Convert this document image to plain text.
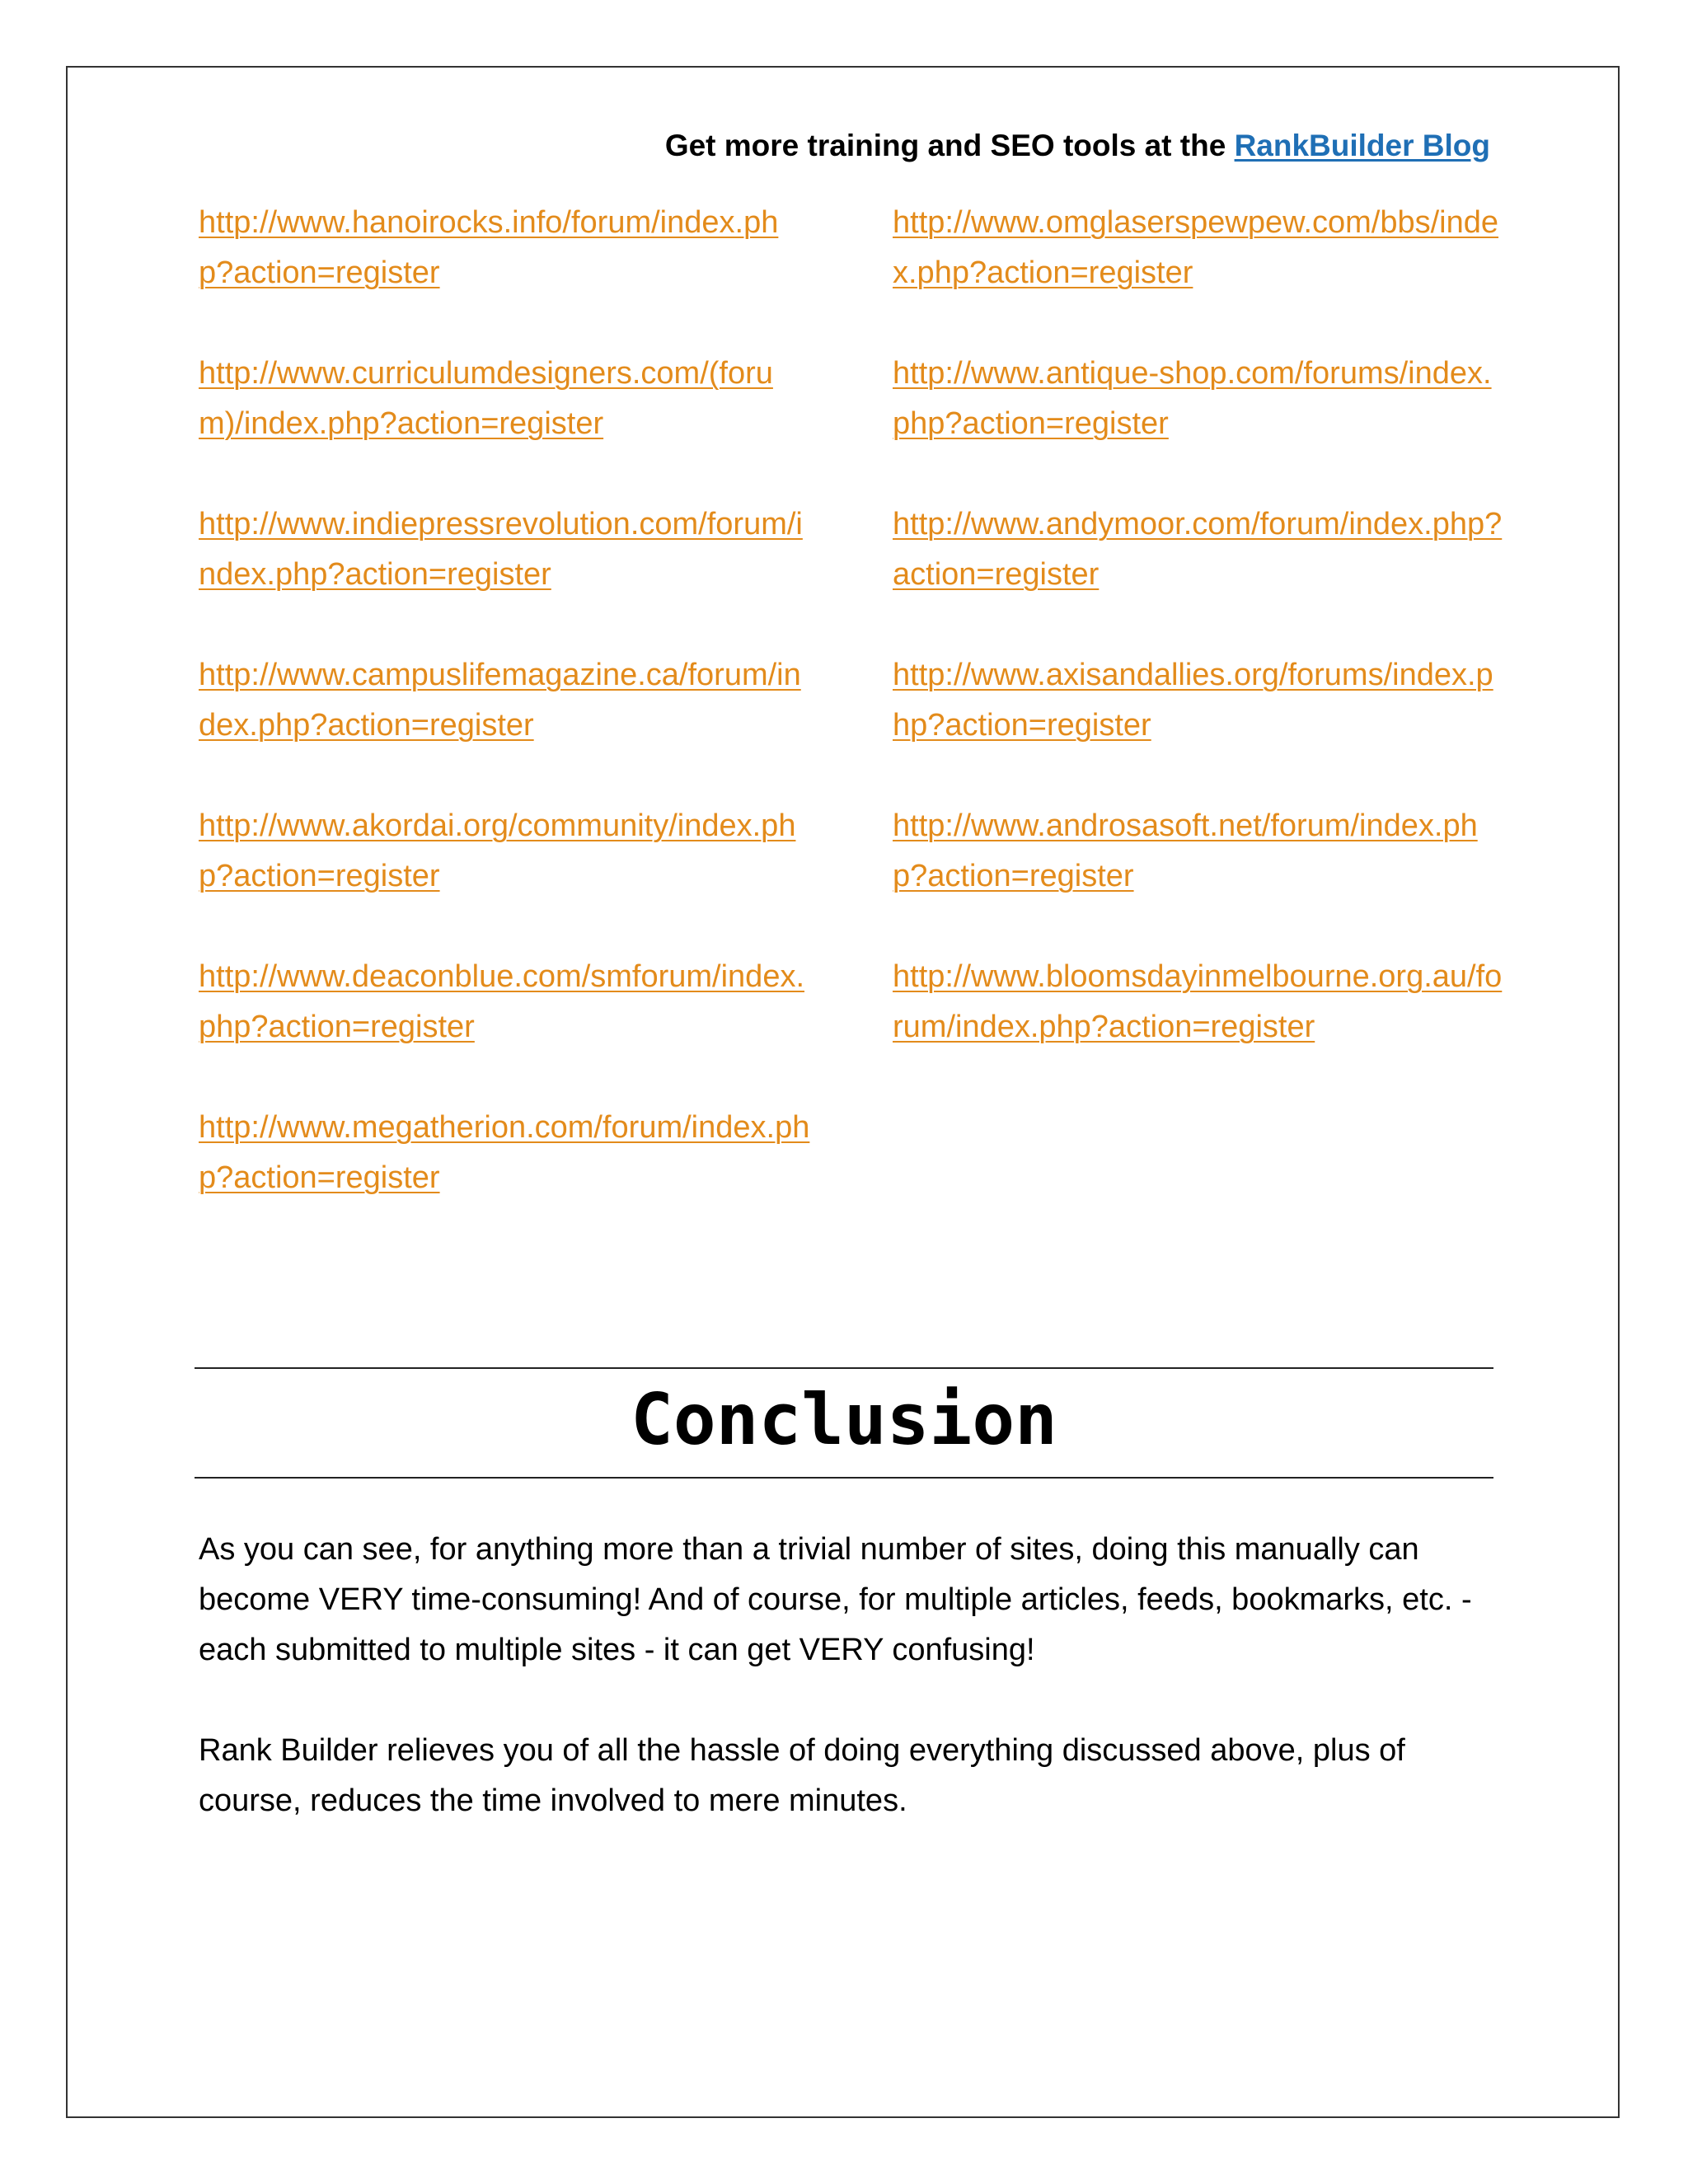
Get more training and SEO tools at the RankBuilder Blog
http://www.hanoirocks.info/forum/index.php?action=register
http://www.curriculumdesigners.com/(forum)/index.php?action=register
http://www.indiepressrevolution.com/forum/index.php?action=register
http://www.campuslifemagazine.ca/forum/index.php?action=register
http://www.akordai.org/community/index.php?action=register
http://www.deaconblue.com/smforum/index.php?action=register
http://www.megatherion.com/forum/index.php?action=register
http://www.omglaserspewpew.com/bbs/index.php?action=register
http://www.antique-shop.com/forums/index.php?action=register
http://www.andymoor.com/forum/index.php?action=register
http://www.axisandallies.org/forums/index.php?action=register
http://www.androsasoft.net/forum/index.php?action=register
http://www.bloomsdayinmelbourne.org.au/forum/index.php?action=register
Conclusion

As you can see, for anything more than a trivial number of sites, doing this manually can become VERY time-consuming! And of course, for multiple articles, feeds, bookmarks, etc. - each submitted to multiple sites - it can get VERY confusing!

Rank Builder relieves you of all the hassle of doing everything discussed above, plus of course, reduces the time involved to mere minutes.
